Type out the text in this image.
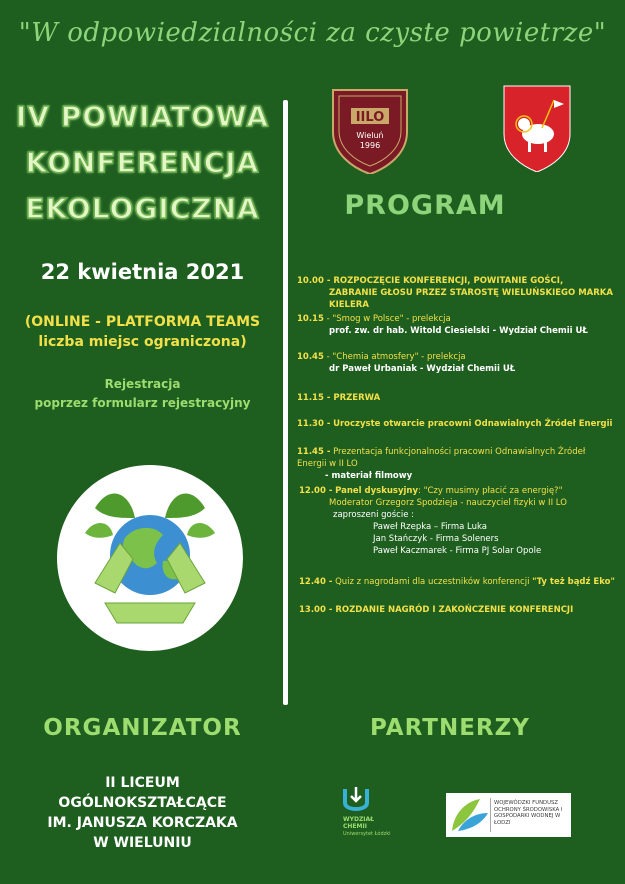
"W odpowiedzialności za czyste powietrze"
IV POWIATOWA
KONFERENCJA
EKOLOGICZNA
22 kwietnia 2021
(ONLINE - PLATFORMA TEAMS
liczba miejsc ograniczona)
Rejestracja
poprzez formularz rejestracyjny
IILO
Wieluń
1996
PROGRAM
10.00 - ROZPOCZĘCIE KONFERENCJI, POWITANIE GOŚCI,
ZABRANIE GŁOSU PRZEZ STAROSTĘ WIELUŃSKIEGO MARKA KIELERA
10.15 - "Smog w Polsce" - prelekcja
prof. zw. dr hab. Witold Ciesielski - Wydział Chemii UŁ
10.45 - "Chemia atmosfery" - prelekcja
dr Paweł Urbaniak - Wydział Chemii UŁ
11.15 - PRZERWA
11.30 - Uroczyste otwarcie pracowni Odnawialnych Źródeł Energii
11.45 - Prezentacja funkcjonalności pracowni Odnawialnych Źródeł Energii w II LO
- materiał filmowy
12.00 - Panel dyskusyjny: "Czy musimy płacić za energię?"
Moderator Grzegorz Spodzieja - nauczyciel fizyki w II LO
zaproszeni goście :
Paweł Rzepka – Firma Luka
Jan Stańczyk - Firma Soleners
Paweł Kaczmarek - Firma PJ Solar Opole
12.40 - Quiz z nagrodami dla uczestników konferencji "Ty też bądź Eko"
13.00 - ROZDANIE NAGRÓD I ZAKOŃCZENIE KONFERENCJI
ORGANIZATOR	PARTNERZY
II LICEUM
OGÓLNOKSZTAŁCĄCE
IM. JANUSZA KORCZAKA
W WIELUNIU
WYDZIAŁ
CHEMII
Uniwersytet Łódzki
WOJEWÓDZKI FUNDUSZ OCHRONY ŚRODOWISKA I GOSPODARKI WODNEJ W ŁODZI
